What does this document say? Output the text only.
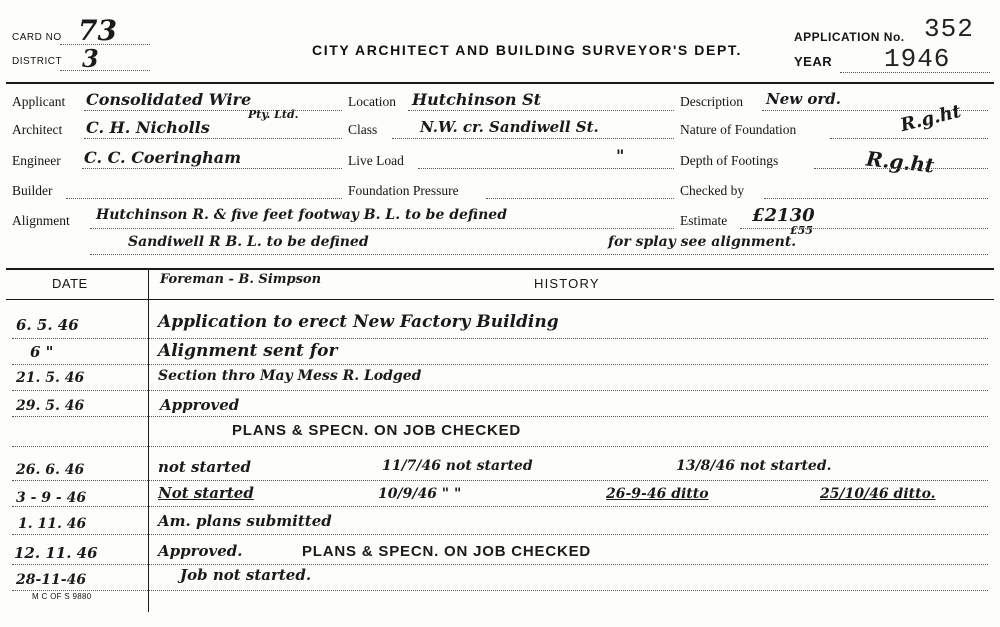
CARD NO 73
DISTRICT 3	CITY ARCHITECT AND BUILDING SURVEYOR'S DEPT.
APPLICATION No. 352
YEAR 1946
Applicant Consolidated Wire
Pty. Ltd.
Location Hutchinson St	Description New ord.
Architect C. H. Nicholls	Class	N.W. cr. Sandiwell St.	Nature of Foundation	R.g.ht
Engineer C. C. Coeringham	Live Load	"	Depth of Footings	R.g.ht
Builder	Foundation Pressure	Checked by
Alignment Hutchinson R. & five feet footway B. L. to be defined	Estimate £2130
£55
Sandiwell R B. L. to be defined	for splay see alignment.
DATE	Foreman - B. Simpson	HISTORY
6. 5. 46	Application to erect New Factory Building
6 "	Alignment sent for
21. 5. 46	Section thro May Mess R. Lodged
29. 5. 46	Approved
PLANS & SPECN. ON JOB CHECKED
26. 6. 46	not started	11/7/46 not started	13/8/46 not started.
3 - 9 - 46	Not started	10/9/46 " "	26-9-46 ditto	25/10/46 ditto.
1. 11. 46	Am. plans submitted
12. 11. 46	Approved.	PLANS & SPECN. ON JOB CHECKED
28-11-46	Job not started.
M C OF S 9880
